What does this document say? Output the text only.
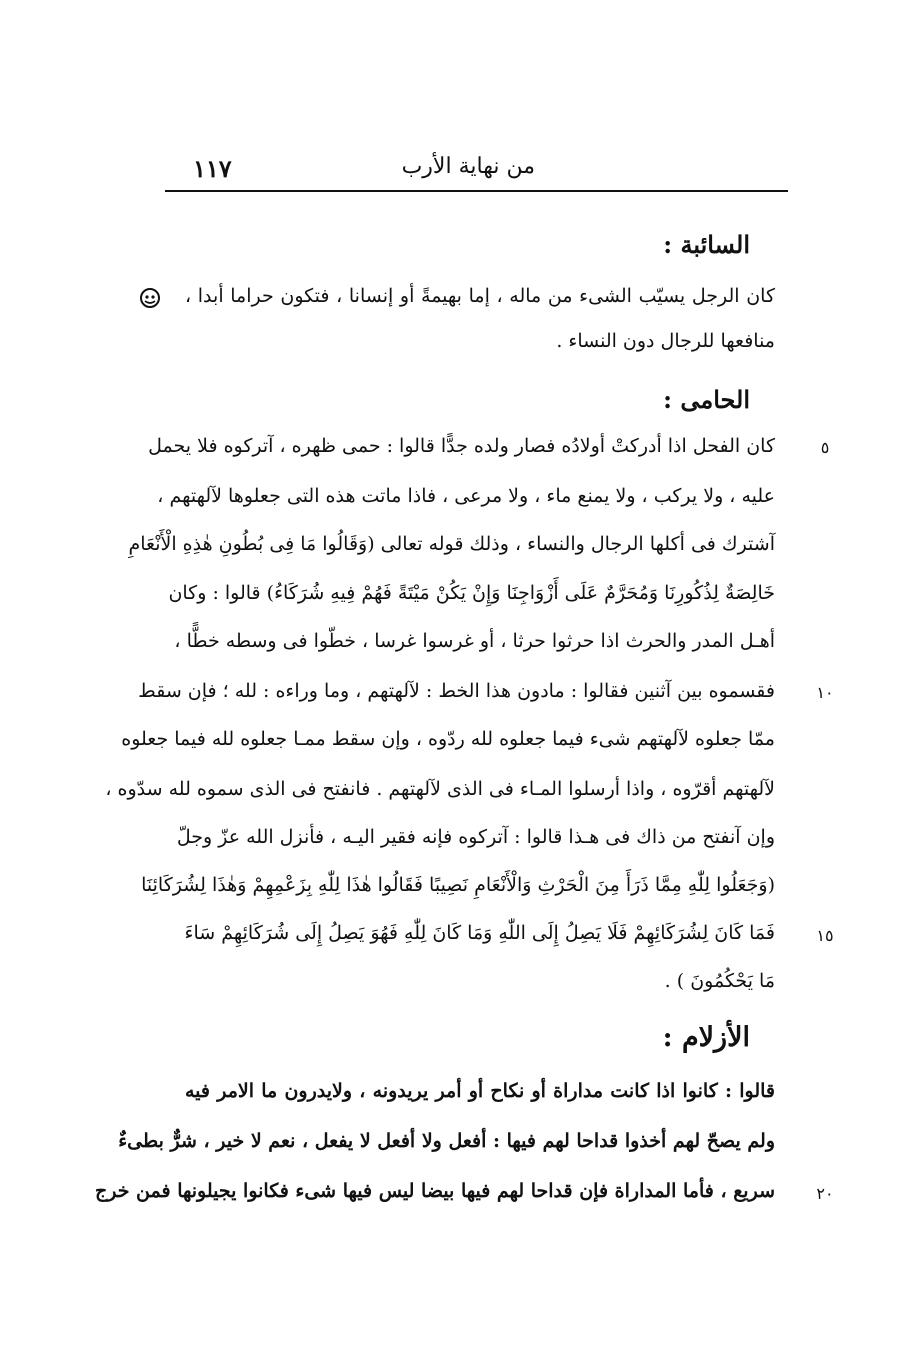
١١٧	من نهاية الأرب
السائبة :
كان الرجل يسيّب الشىء من ماله ، إما بهيمةً أو إنسانا ، فتكون حراما أبدا ،
منافعها للرجال دون النساء .
الحامى :
كان الفحل اذا أدركتْ أولادُه فصار ولده جدًّا قالوا : حمى ظهره ، آتركوه فلا يحمل
عليه ، ولا يركب ، ولا يمنع ماء ، ولا مرعى ، فاذا ماتت هذه التى جعلوها لآلهتهم ،
آشترك فى أكلها الرجال والنساء ، وذلك قوله تعالى (وَقَالُوا مَا فِى بُطُونِ هٰذِهِ الْأَنْعَامِ
خَالِصَةٌ لِذُكُورِنَا وَمُحَرَّمٌ عَلَى أَزْوَاجِنَا وَإِنْ يَكُنْ مَيْتَةً فَهُمْ فِيهِ شُرَكَاءُ) قالوا : وكان
أهـل المدر والحرث اذا حرثوا حرثا ، أو غرسوا غرسا ، خطّوا فى وسطه خطًّا ،
فقسموه بين آثنين فقالوا : مادون هذا الخط : لآلهتهم ، وما وراءه : لله ؛ فإن سقط
ممّا جعلوه لآلهتهم شىء فيما جعلوه لله ردّوه ، وإن سقط ممـا جعلوه لله فيما جعلوه
لآلهتهم أقرّوه ، واذا أرسلوا المـاء فى الذى لآلهتهم . فانفتح فى الذى سموه لله سدّوه ،
وإن آنفتح من ذاك فى هـذا قالوا : آتركوه فإنه فقير اليـه ، فأنزل الله عزّ وجلّ
(وَجَعَلُوا لِلّٰهِ مِمَّا ذَرَأَ مِنَ الْحَرْثِ وَالْأَنْعَامِ نَصِيبًا فَقَالُوا هٰذَا لِلّٰهِ بِزَعْمِهِمْ وَهٰذَا لِشُرَكَائِنَا
فَمَا كَانَ لِشُرَكَائِهِمْ فَلَا يَصِلُ إِلَى اللّٰهِ وَمَا كَانَ لِلّٰهِ فَهُوَ يَصِلُ إِلَى شُرَكَائِهِمْ سَاءَ
مَا يَحْكُمُونَ ) .
الأزلام :
قالوا : كانوا اذا كانت مداراة أو نكاح أو أمر يريدونه ، ولايدرون ما الامر فيه
ولم يصحّ لهم أخذوا قداحا لهم فيها : أفعل ولا أفعل لا يفعل ، نعم لا خير ، شرٌّ بطىءٌ
سريع ، فأما المداراة فإن قداحا لهم فيها بيضا ليس فيها شىء فكانوا يجيلونها فمن خرج
٥
١٠
١٥
٢٠
